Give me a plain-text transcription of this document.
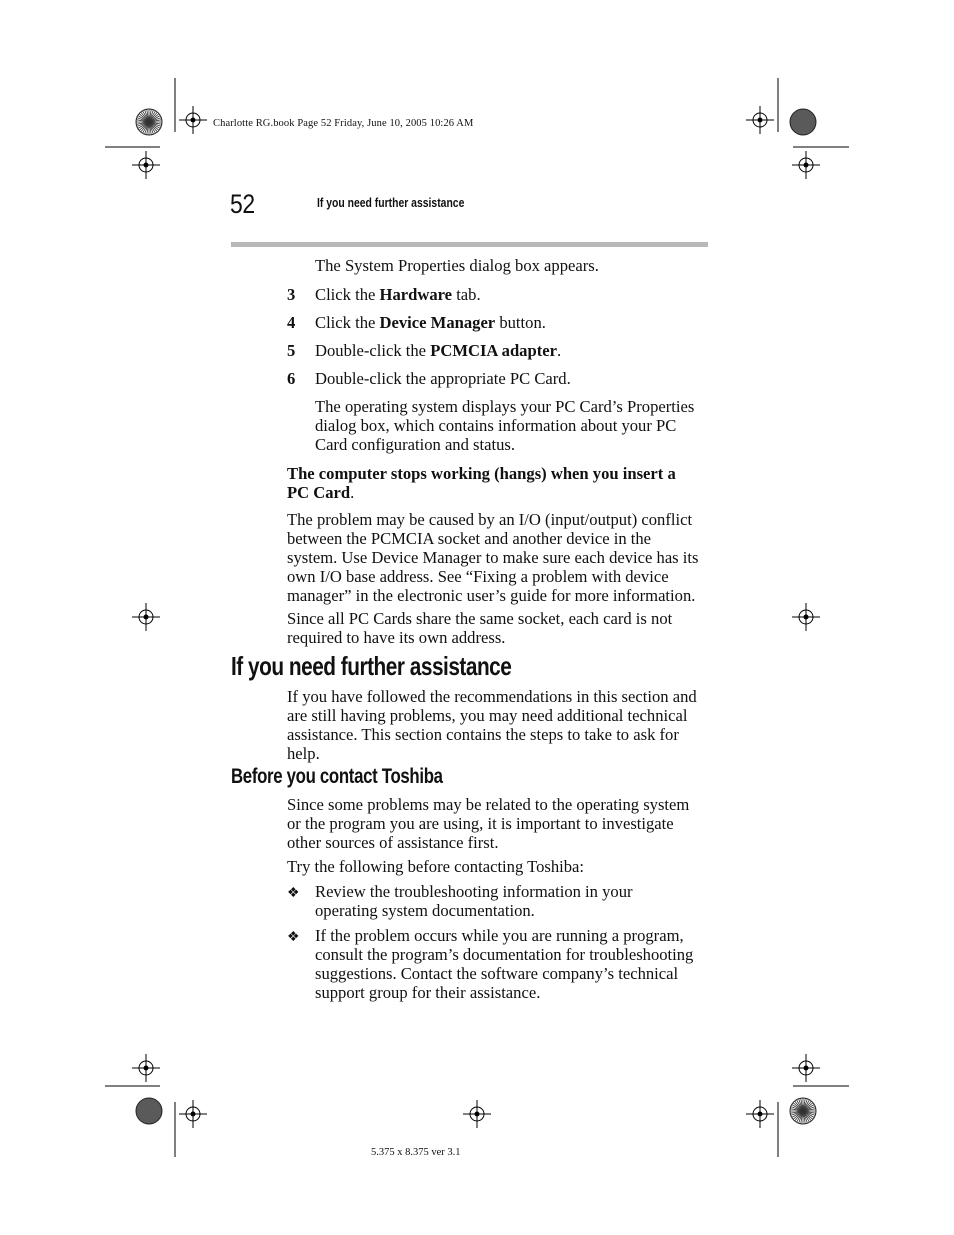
Charlotte RG.book Page 52 Friday, June 10, 2005 10:26 AM
52	If you need further assistance
The System Properties dialog box appears.
3 Click the Hardware tab.
4 Click the Device Manager button.
5 Double-click the PCMCIA adapter.
6 Double-click the appropriate PC Card.
The operating system displays your PC Card’s Properties
dialog box, which contains information about your PC
Card configuration and status.
The computer stops working (hangs) when you insert a
PC Card.
The problem may be caused by an I/O (input/output) conflict
between the PCMCIA socket and another device in the
system. Use Device Manager to make sure each device has its
own I/O base address. See “Fixing a problem with device
manager” in the electronic user’s guide for more information.
Since all PC Cards share the same socket, each card is not
required to have its own address.
If you need further assistance
If you have followed the recommendations in this section and
are still having problems, you may need additional technical
assistance. This section contains the steps to take to ask for
help.
Before you contact Toshiba
Since some problems may be related to the operating system
or the program you are using, it is important to investigate
other sources of assistance first.
Try the following before contacting Toshiba:
❖ Review the troubleshooting information in your
operating system documentation.
❖ If the problem occurs while you are running a program,
consult the program’s documentation for troubleshooting
suggestions. Contact the software company’s technical
support group for their assistance.
5.375 x 8.375 ver 3.1
